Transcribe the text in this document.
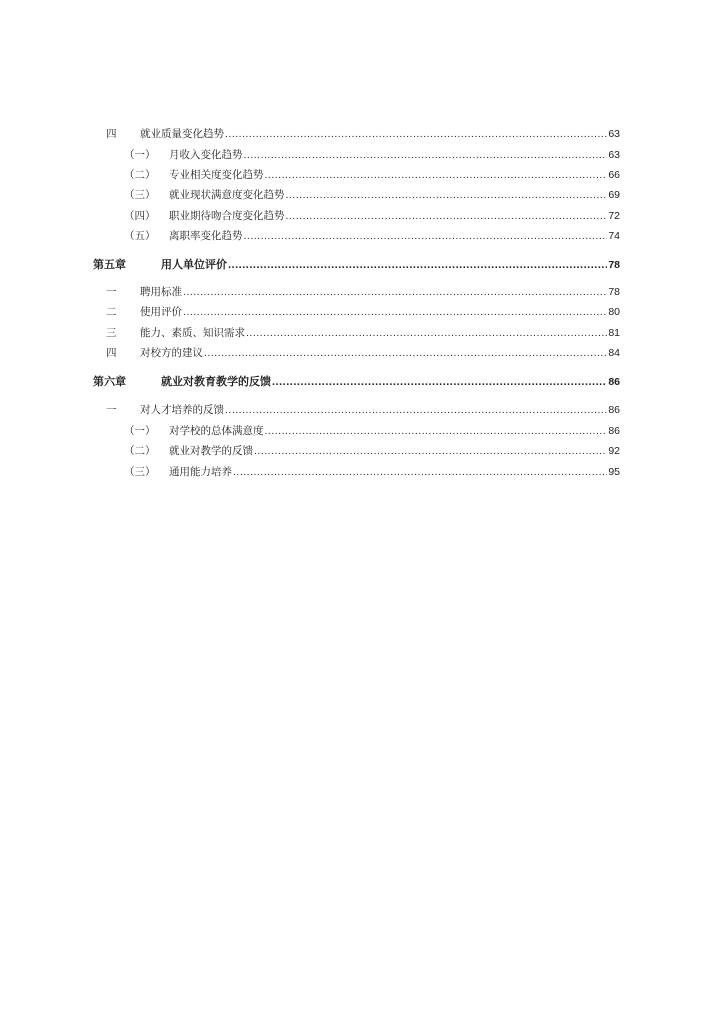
四	就业质量变化趋势 .....	63
（一）	月收入变化趋势 .....	63
（二）	专业相关度变化趋势 .....	66
（三）	就业现状满意度变化趋势 .....	69
（四）	职业期待吻合度变化趋势 .....	72
（五）	离职率变化趋势 .....	74
第五章	用人单位评价 .....	78
一	聘用标准 .....	78
二	使用评价 .....	80
三	能力、素质、知识需求 .....	81
四	对校方的建议 .....	84
第六章	就业对教育教学的反馈 .....	86
一	对人才培养的反馈 .....	86
（一）	对学校的总体满意度 .....	86
（二）	就业对教学的反馈 .....	92
（三）	通用能力培养 .....	95
